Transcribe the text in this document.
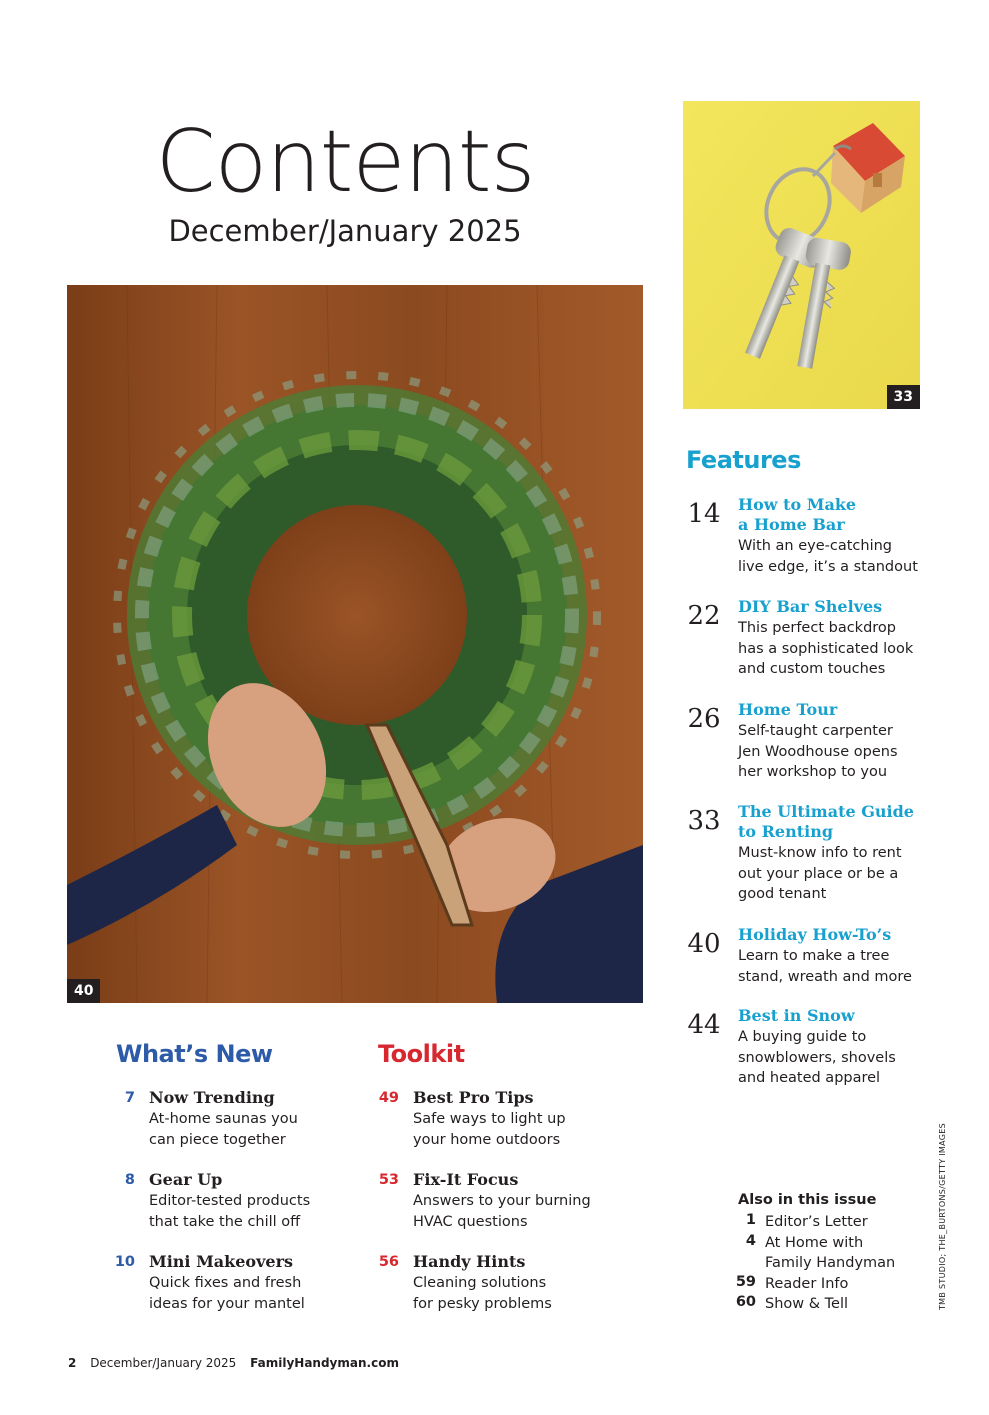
Contents
December/January 2025
33
40
Features
14 How to Make
a Home Bar
With an eye-catching
live edge, it’s a standout
22 DIY Bar Shelves
This perfect backdrop
has a sophisticated look
and custom touches
26 Home Tour
Self-taught carpenter
Jen Woodhouse opens
her workshop to you
33 The Ultimate Guide
to Renting
Must-know info to rent
out your place or be a
good tenant
40 Holiday How-To’s
Learn to make a tree
stand, wreath and more
44 Best in Snow
A buying guide to
snowblowers, shovels
and heated apparel
What’s New
7 Now Trending
At-home saunas you
can piece together
8 Gear Up
Editor-tested products
that take the chill off
10 Mini Makeovers
Quick fixes and fresh
ideas for your mantel
Toolkit
49 Best Pro Tips
Safe ways to light up
your home outdoors
53 Fix-It Focus
Answers to your burning
HVAC questions
56 Handy Hints
Cleaning solutions
for pesky problems
Also in this issue
1 Editor’s Letter
4 At Home with
Family Handyman
59 Reader Info
60 Show & Tell	TMB STUDIO; THE_BURTONS/GETTY IMAGES
2 December/January 2025 FamilyHandyman.com
